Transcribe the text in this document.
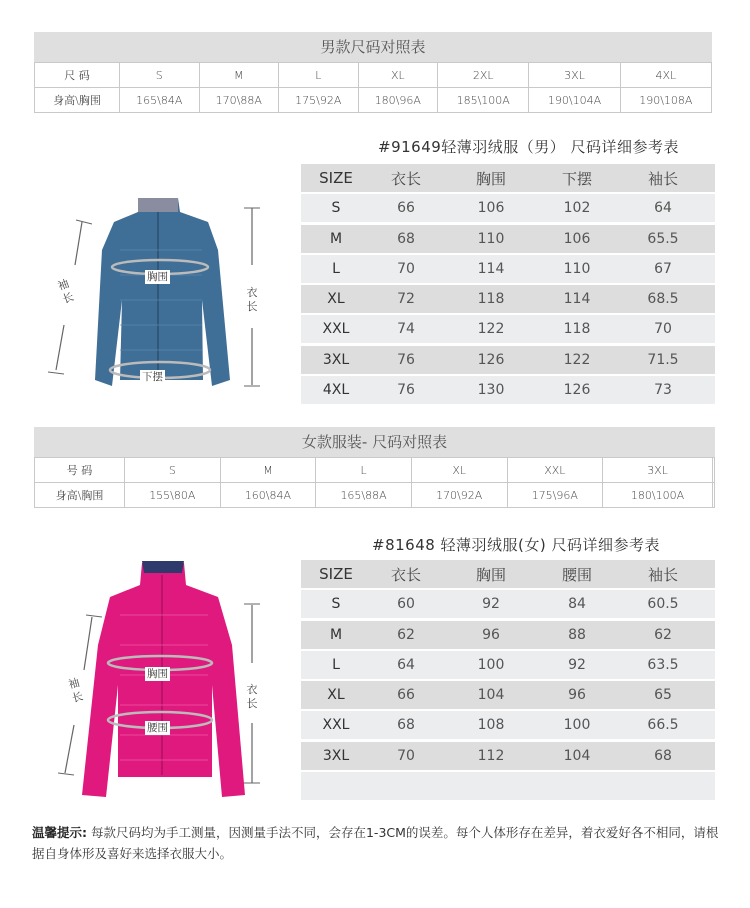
男款尺码对照表
尺 码	S	M	L	XL	2XL	3XL	4XL
身高\胸围	165\84A	170\88A	175\92A	180\96A	185\100A	190\104A	190\108A
#91649轻薄羽绒服（男） 尺码详细参考表
SIZE	衣长	胸围	下摆	袖长
S	66	106	102	64
M	68	110	106	65.5
L	70	114	110	67
XL	72	118	114	68.5
XXL	74	122	118	70
3XL	76	126	122	71.5
4XL	76	130	126	73
胸围
下摆
袖长	衣长
女款服装- 尺码对照表
号 码	S	M	L	XL	XXL	3XL	
身高\胸围	155\80A	160\84A	165\88A	170\92A	175\96A	180\100A	
#81648 轻薄羽绒服(女) 尺码详细参考表
SIZE	衣长	胸围	腰围	袖长
S	60	92	84	60.5
M	62	96	88	62
L	64	100	92	63.5
XL	66	104	96	65
XXL	68	108	100	66.5
3XL	70	112	104	68
胸围
腰围
袖长
衣长
温馨提示: 每款尺码均为手工测量，因测量手法不同，会存在1-3CM的误差。每个人体形存在差异，着衣爱好各不相同，请根据自身体形及喜好来选择衣服大小。
